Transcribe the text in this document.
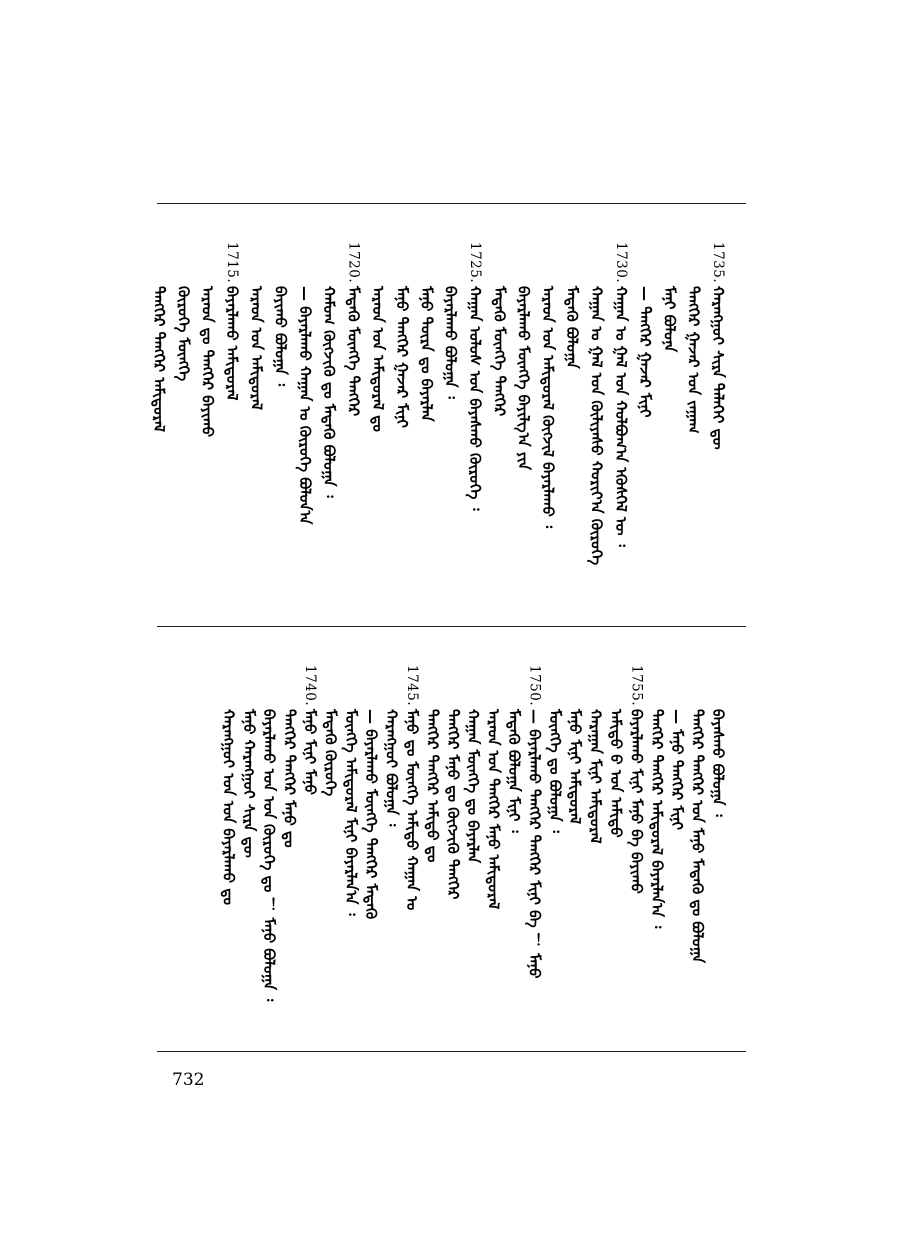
1735.
ᠬᠠᠷᠠᠩᠭᠤᠢ ᠰᠢᠷᠠ ᠳᠡᠯᠡᠬᠡᠢ ᠳᠦ
ᠲᠡᠩᠭᠡᠷ ᠭᠠᠵᠠᠷ ᠤᠨ ᠵᠠᠭᠠᠭ
ᠮᠠᠨᠢ ᠪᠤᠯᠤᠨᠠ
— ᠲᠡᠩᠭᠡᠷ ᠭᠠᠵᠠᠷ ᠮᠢᠨᠢ
1730.
ᠬᠠᠭᠠᠨ ᠤ ᠭᠠᠯ ᠤᠨ ᠬᠣᠯᠪᠤᠭ᠎ᠠ ᠡᠭᠦᠰᠬᠡᠯ ᠦ ᠄
ᠬᠠᠭᠠᠨ ᠤ ᠭᠠᠯ ᠤᠨ ᠬᠦᠯᠢᠶᠡᠰᠦ ᠬᠣᠷᠢᠶ᠎ᠠ ᠬᠦᠷᠦᠭᠡ
ᠮᠡᠳᠡᠬᠦ ᠪᠤᠯᠤᠭᠠ
ᠠᠷᠠᠳ ᠤᠨ ᠠᠮᠢᠳᠤᠷᠠᠯ ᠬᠥᠭᠵᠢᠯ ᠪᠠᠶᠠᠷᠯᠠᠬᠤ ᠄
ᠪᠠᠶᠠᠷᠯᠠᠬᠤ ᠮᠥᠩᠬᠡ ᠪᠠᠶᠢᠯᠭ᠎ᠠ ᠶᠢᠨ
ᠮᠡᠳᠡᠬᠦ ᠮᠥᠩᠬᠡ ᠲᠡᠩᠭᠡᠷ
1725.
ᠬᠠᠭᠠᠨ ᠤᠯᠤᠰ ᠤᠨ ᠪᠠᠶᠠᠰᠬᠤ ᠬᠥᠷᠦᠭᠡ ᠄
ᠪᠠᠶᠠᠷᠯᠠᠬᠤ ᠪᠤᠯᠤᠭᠠ ᠄
ᠮᠠᠨᠤ ᠳᠦᠷᠡ ᠳᠤ ᠪᠠᠶᠠᠷᠯᠠᠨ
ᠮᠠᠨᠤ ᠲᠡᠩᠭᠡᠷ ᠭᠠᠵᠠᠷ ᠮᠢᠨᠢ
ᠠᠷᠠᠳ ᠤᠨ ᠠᠮᠢᠳᠤᠷᠠᠯ ᠳᠤ
1720.
ᠮᠡᠳᠡᠬᠦ ᠮᠥᠩᠬᠡ ᠲᠡᠩᠭᠡᠷ
ᠬᠠᠮᠤᠭ ᠬᠥᠭᠵᠢᠬᠦ ᠳᠤ ᠮᠡᠳᠡᠬᠦ ᠪᠤᠯᠤᠭᠠ ᠄
— ᠪᠠᠶᠠᠷᠯᠠᠬᠤ ᠬᠠᠭᠠᠨ ᠤ ᠬᠥᠷᠦᠭᠡ ᠪᠣᠯᠤᠨ᠎ᠠ
ᠪᠠᠶᠢᠬᠤ ᠪᠤᠯᠤᠭᠠ ᠄
ᠠᠷᠠᠳ ᠤᠨ ᠠᠮᠢᠳᠤᠷᠠᠯ
1715.
ᠪᠠᠶᠠᠷᠯᠠᠬᠤ ᠠᠮᠢᠳᠤᠷᠠᠯ
ᠠᠷᠠᠳ ᠳᠤ ᠲᠡᠩᠭᠡᠷ ᠪᠠᠶᠢᠬᠤ
ᠬᠥᠷᠦᠭᠡ ᠮᠥᠩᠬᠡ
ᠲᠡᠩᠭᠡᠷ ᠲᠡᠩᠭᠡᠷ ᠠᠮᠢᠳᠤᠷᠠᠯ
ᠪᠠᠶᠠᠰᠬᠤ ᠪᠤᠯᠤᠭᠠ ᠄
ᠲᠡᠩᠭᠡᠷ ᠲᠡᠩᠭᠡᠷ ᠤᠨ ᠮᠠᠨᠤ ᠮᠡᠳᠡᠬᠦ ᠳᠤ ᠪᠤᠯᠤᠭᠠ
— ᠮᠠᠨᠤ ᠲᠡᠩᠭᠡᠷ ᠮᠢᠨᠢ
ᠲᠡᠩᠭᠡᠷ ᠲᠡᠩᠭᠡᠷ ᠠᠮᠢᠳᠤᠷᠠᠯ ᠪᠠᠶᠠᠷᠯᠠᠨ᠎ᠠ ᠄
1755.
ᠪᠠᠶᠠᠷᠯᠠᠬᠤ ᠮᠢᠨᠢ ᠮᠠᠨᠤ ᠪᠠ ᠪᠠᠶᠢᠬᠤ
ᠠᠮᠢᠳᠤ ᠪ ᠤᠨ ᠠᠮᠢᠳᠤ
ᠬᠠᠷᠠᠭᠠᠨ ᠮᠢᠨᠢ ᠠᠮᠢᠳᠤᠷᠠᠯ
ᠮᠠᠨᠤ ᠮᠢᠨᠢ ᠠᠮᠢᠳᠤᠷᠠᠯ
ᠮᠥᠩᠬᠡ ᠳᠤ ᠪᠤᠯᠤᠭᠠ ᠄
1750.
— ᠪᠠᠶᠠᠷᠯᠠᠬᠤ ᠲᠡᠩᠭᠡᠷ ᠲᠡᠩᠭᠡᠷ ᠮᠢᠨᠢ ᠪᠠ ！ ᠮᠠᠨᠤ
ᠮᠡᠳᠡᠬᠦ ᠪᠤᠯᠤᠭᠠ ᠮᠢᠨᠢ ᠄
ᠠᠷᠠᠳ ᠤᠨ ᠲᠡᠩᠭᠡᠷ ᠮᠠᠨᠤ ᠠᠮᠢᠳᠤᠷᠠᠯ
ᠬᠠᠭᠠᠨ ᠮᠥᠩᠬᠡ ᠳᠤ ᠪᠠᠶᠠᠷᠯᠠᠨ
ᠲᠡᠩᠭᠡᠷ ᠮᠠᠨᠤ ᠳᠤ ᠬᠥᠭᠵᠢᠬᠦ ᠲᠡᠩᠭᠡᠷ
ᠲᠡᠩᠭᠡᠷ ᠲᠡᠩᠭᠡᠷ ᠠᠮᠢᠳᠤ ᠳᠤ
1745.
ᠮᠠᠨᠤ ᠳᠤ ᠮᠥᠩᠬᠡ ᠠᠮᠢᠳᠤ ᠬᠠᠭᠠᠨ ᠤ
ᠬᠠᠷᠠᠩᠭᠤᠢ ᠪᠤᠯᠤᠭᠠ ᠄
— ᠪᠠᠶᠠᠷᠯᠠᠬᠤ ᠮᠥᠩᠬᠡ ᠲᠡᠩᠭᠡᠷ ᠮᠡᠳᠡᠬᠦ
ᠮᠥᠩᠬᠡ ᠠᠮᠢᠳᠤᠷᠠᠯ ᠮᠢᠨᠢ ᠪᠠᠶᠠᠷᠯᠠᠨ᠎ᠠ ᠄
ᠮᠡᠳᠡᠬᠦ ᠬᠥᠷᠦᠭᠡ
1740.
ᠮᠠᠨᠤ ᠮᠢᠨᠢ ᠮᠠᠨᠤ
ᠲᠡᠩᠭᠡᠷ ᠲᠡᠩᠭᠡᠷ ᠮᠠᠨᠤ ᠳᠤ
ᠪᠠᠶᠠᠷᠯᠠᠬᠤ ᠤᠨ ᠤᠨ ᠬᠥᠷᠦᠭᠡ ᠳᠤ ！ ᠮᠠᠨᠤ ᠪᠤᠯᠤᠭᠠ ᠄
ᠮᠠᠨᠤ ᠬᠠᠷᠠᠩᠭᠤᠢ ᠰᠢᠷᠠ ᠳᠦ
ᠬᠠᠷᠠᠩᠭᠤᠢ ᠤᠨ ᠤᠨ ᠪᠠᠶᠠᠷᠯᠠᠬᠤ ᠳᠤ
732
